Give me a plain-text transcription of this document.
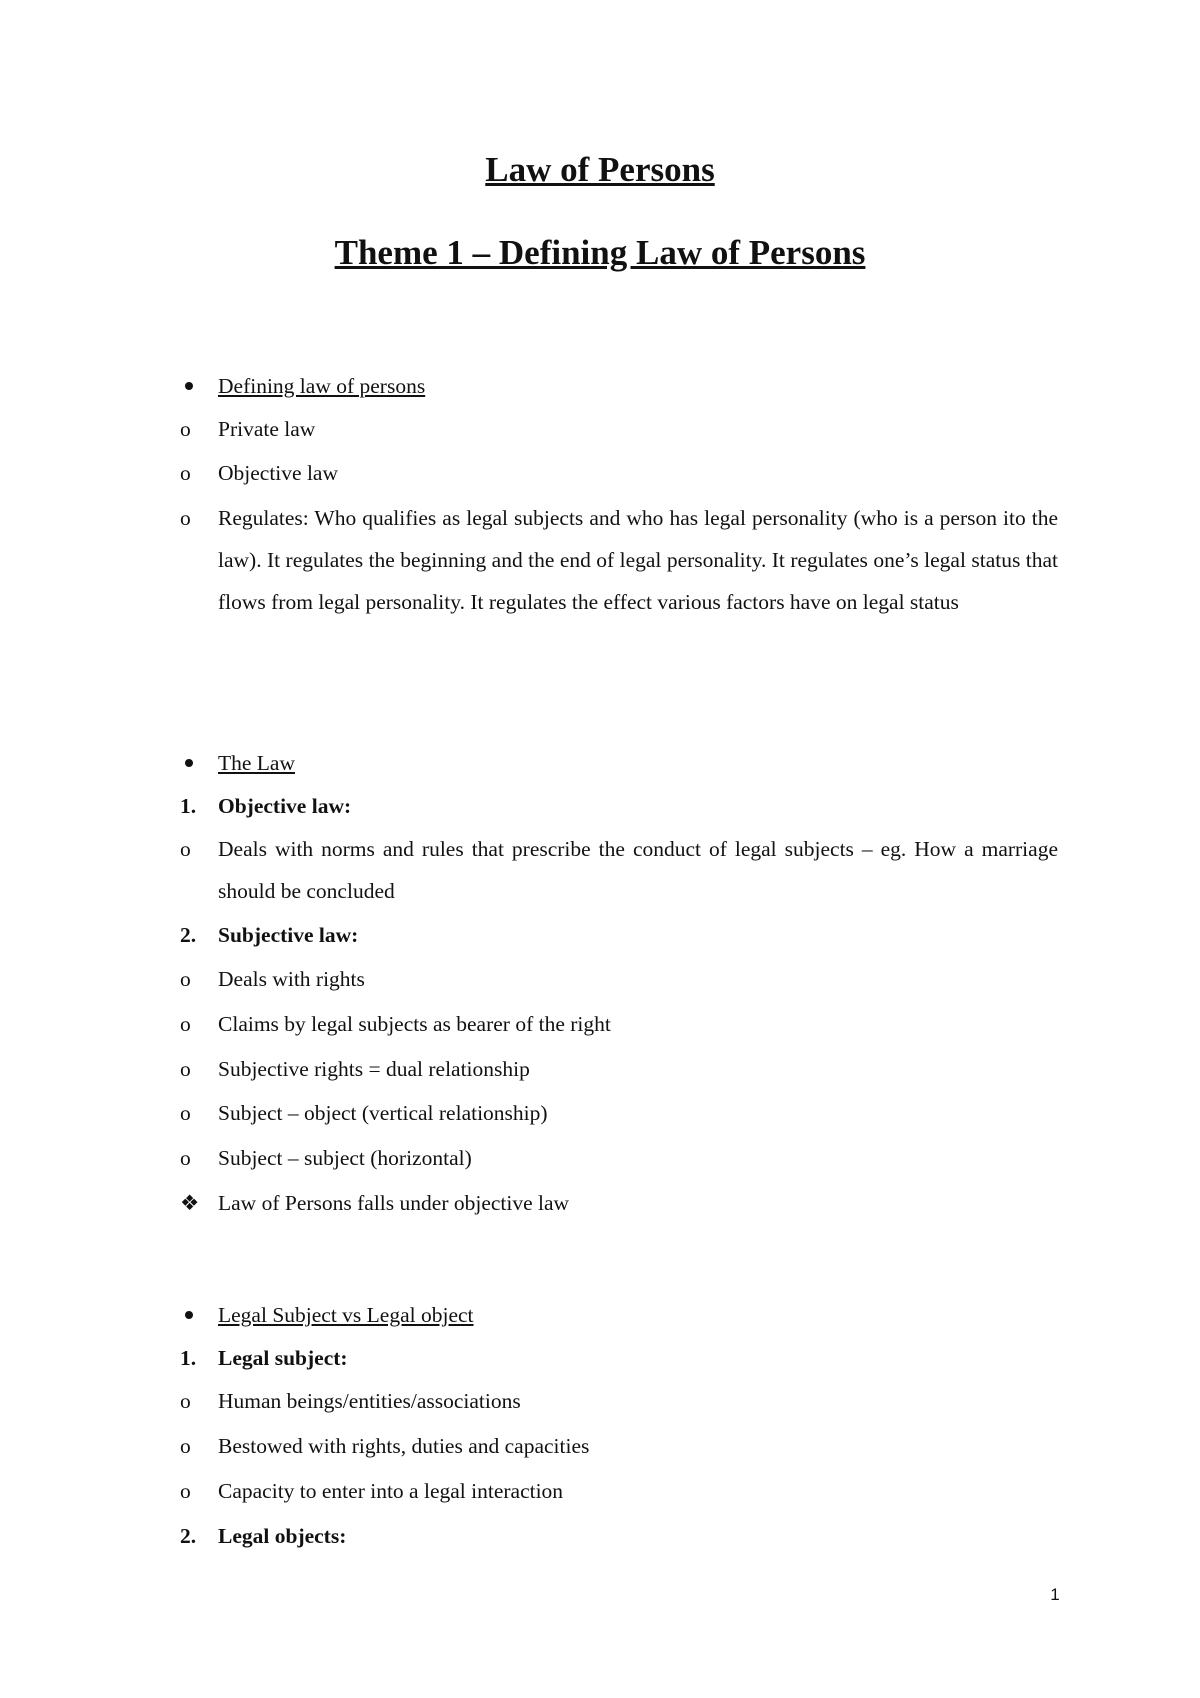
Law of Persons
Theme 1 – Defining Law of Persons
Defining law of persons
o	Private law
o	Objective law
o	Regulates: Who qualifies as legal subjects and who has legal personality (who is a person ito the law). It regulates the beginning and the end of legal personality. It regulates one’s legal status that flows from legal personality. It regulates the effect various factors have on legal status
The Law
1.	Objective law:
o	Deals with norms and rules that prescribe the conduct of legal subjects – eg. How a marriage should be concluded
2.	Subjective law:
o	Deals with rights
o	Claims by legal subjects as bearer of the right
o	Subjective rights = dual relationship
o	Subject – object (vertical relationship)
o	Subject – subject (horizontal)
❖ Law of Persons falls under objective law
Legal Subject vs Legal object
1.	Legal subject:
o	Human beings/entities/associations
o	Bestowed with rights, duties and capacities
o	Capacity to enter into a legal interaction
2.	Legal objects:
1
